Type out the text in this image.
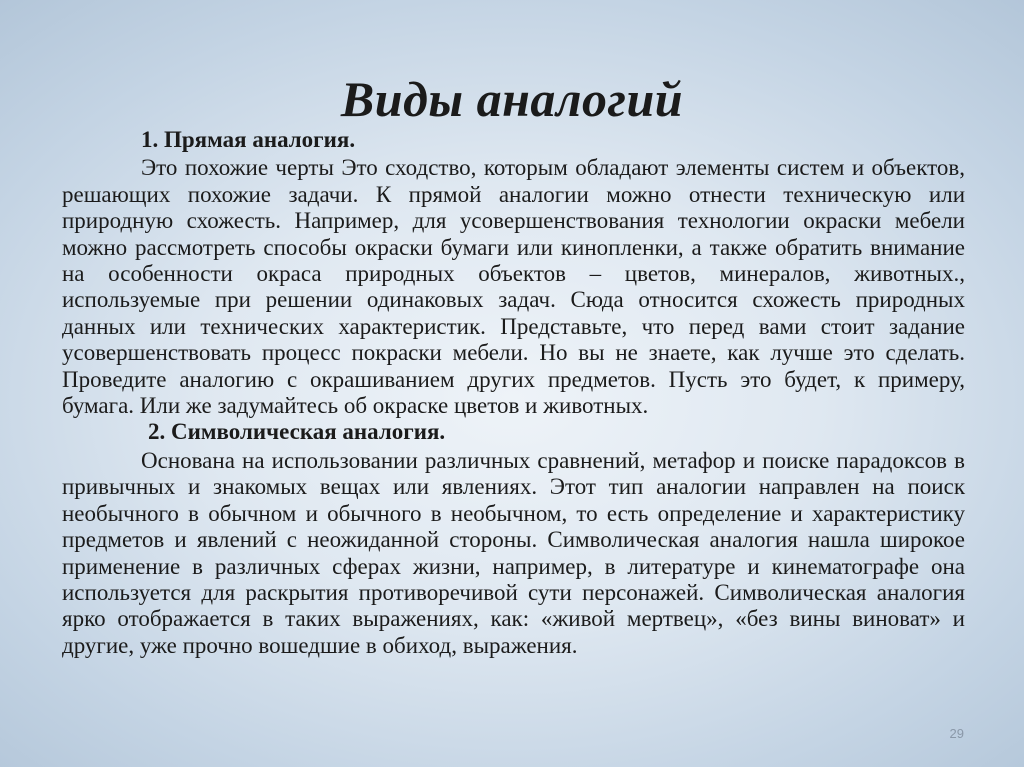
Виды аналогий

1. Прямая аналогия.

Это похожие черты Это сходство, которым обладают элементы систем и объектов, решающих похожие задачи. К прямой аналогии можно отнести техническую или природную схожесть. Например, для усовершенствования технологии окраски мебели можно рассмотреть способы окраски бумаги или кинопленки, а также обратить внимание на особенности окраса природных объектов – цветов, минералов, животных., используемые при решении одинаковых задач. Сюда относится схожесть природных данных или технических характеристик. Представьте, что перед вами стоит задание усовершенствовать процесс покраски мебели. Но вы не знаете, как лучше это сделать. Проведите аналогию с окрашиванием других предметов. Пусть это будет, к примеру, бумага. Или же задумайтесь об окраске цветов и животных.

2. Символическая аналогия.

Основана на использовании различных сравнений, метафор и поиске парадоксов в привычных и знакомых вещах или явлениях. Этот тип аналогии направлен на поиск необычного в обычном и обычного в необычном, то есть определение и характеристику предметов и явлений с неожиданной стороны. Символическая аналогия нашла широкое применение в различных сферах жизни, например, в литературе и кинематографе она используется для раскрытия противоречивой сути персонажей. Символическая аналогия ярко отображается в таких выражениях, как: «живой мертвец», «без вины виноват» и другие, уже прочно вошедшие в обиход, выражения.

29
